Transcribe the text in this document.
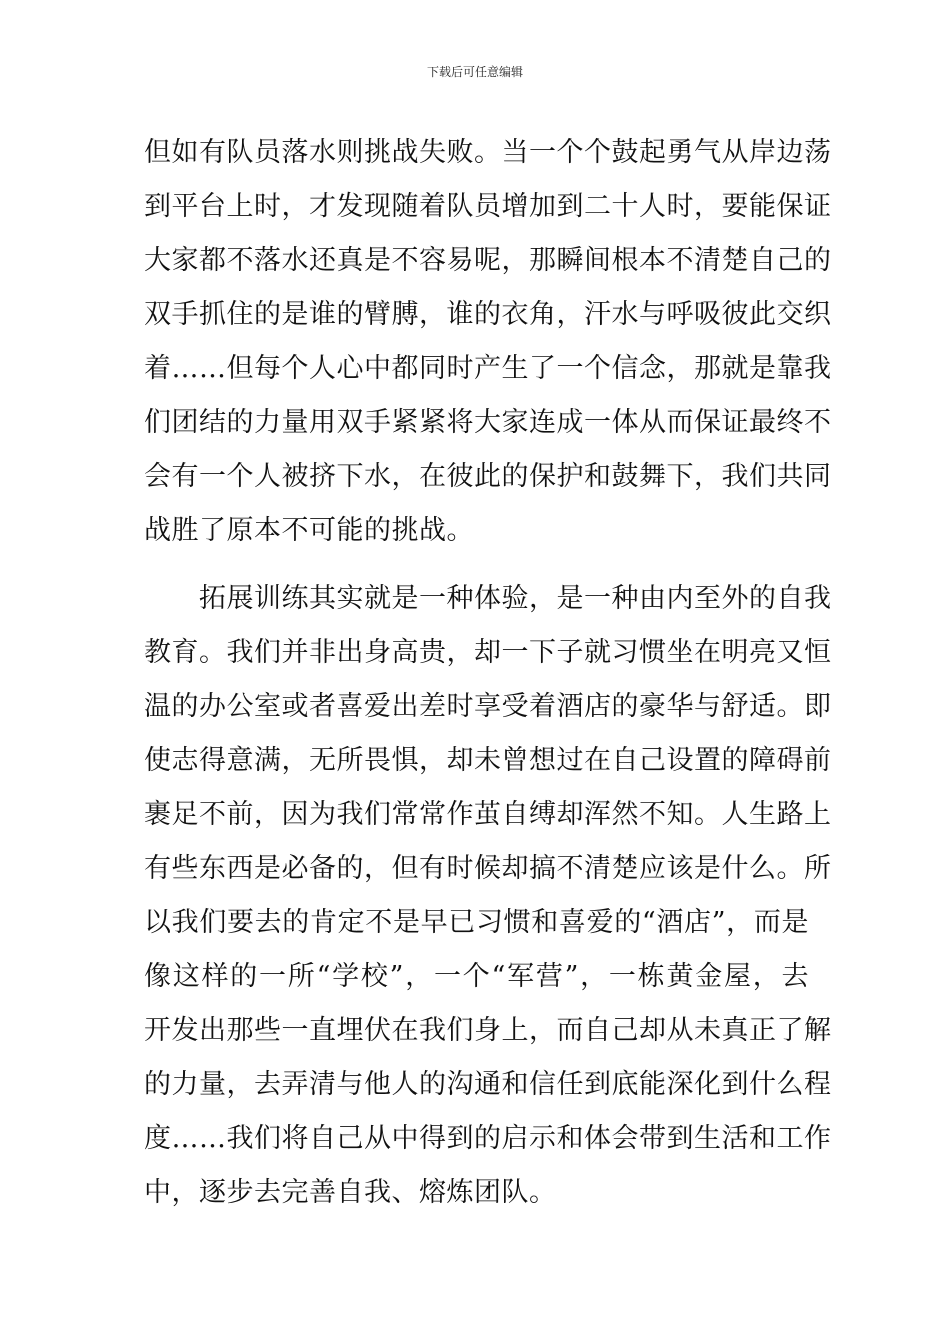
下载后可任意编辑
但如有队员落水则挑战失败。当一个个鼓起勇气从岸边荡
到平台上时，才发现随着队员增加到二十人时，要能保证
大家都不落水还真是不容易呢，那瞬间根本不清楚自己的
双手抓住的是谁的臂膊，谁的衣角，汗水与呼吸彼此交织
着……但每个人心中都同时产生了一个信念，那就是靠我
们团结的力量用双手紧紧将大家连成一体从而保证最终不
会有一个人被挤下水，在彼此的保护和鼓舞下，我们共同
战胜了原本不可能的挑战。
　　拓展训练其实就是一种体验，是一种由内至外的自我
教育。我们并非出身高贵，却一下子就习惯坐在明亮又恒
温的办公室或者喜爱出差时享受着酒店的豪华与舒适。即
使志得意满，无所畏惧，却未曾想过在自己设置的障碍前
裹足不前，因为我们常常作茧自缚却浑然不知。人生路上
有些东西是必备的，但有时候却搞不清楚应该是什么。所
以我们要去的肯定不是早已习惯和喜爱的“酒店”，而是
像这样的一所“学校”，一个“军营”，一栋黄金屋，去
开发出那些一直埋伏在我们身上，而自己却从未真正了解
的力量，去弄清与他人的沟通和信任到底能深化到什么程
度……我们将自己从中得到的启示和体会带到生活和工作
中，逐步去完善自我、熔炼团队。
